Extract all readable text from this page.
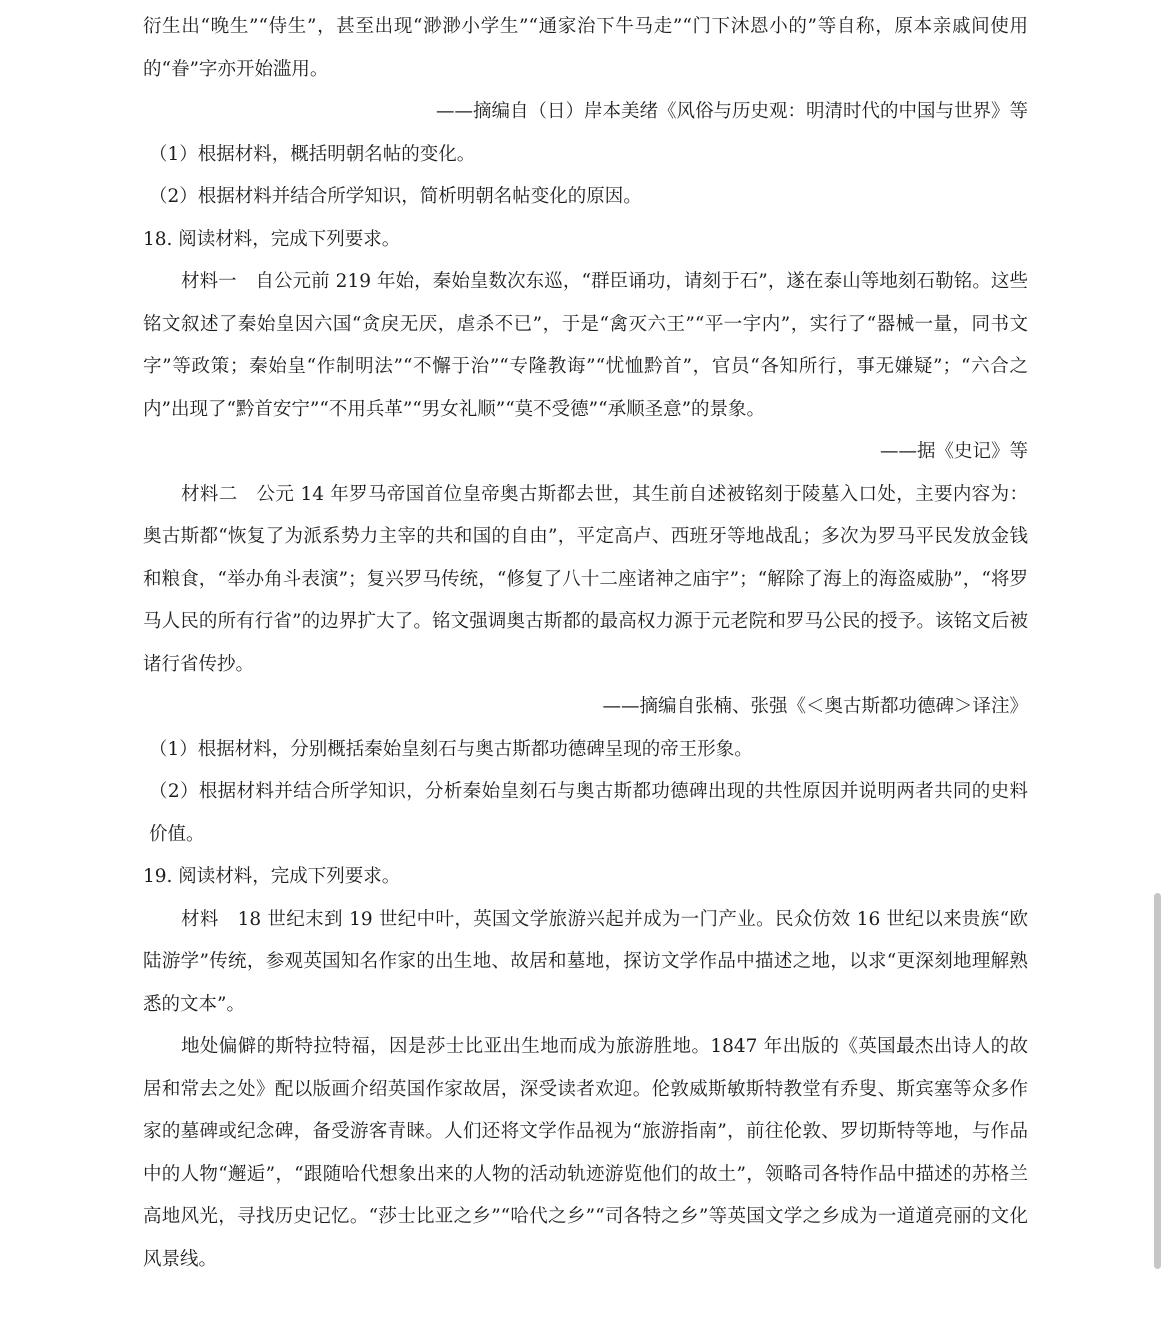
衍生出“晚生”“侍生”，甚至出现“渺渺小学生”“通家治下牛马走”“门下沐恩小的”等自称，原本亲戚间使用的“眷”字亦开始滥用。

——摘编自（日）岸本美绪《风俗与历史观：明清时代的中国与世界》等

（1）根据材料，概括明朝名帖的变化。

（2）根据材料并结合所学知识，简析明朝名帖变化的原因。

18. 阅读材料，完成下列要求。

材料一　自公元前 219 年始，秦始皇数次东巡，“群臣诵功，请刻于石”，遂在泰山等地刻石勒铭。这些铭文叙述了秦始皇因六国“贪戾无厌，虐杀不已”，于是“禽灭六王”“平一宇内”，实行了“器械一量，同书文字”等政策；秦始皇“作制明法”“不懈于治”“专隆教诲”“忧恤黔首”，官员“各知所行，事无嫌疑”；“六合之内”出现了“黔首安宁”“不用兵革”“男女礼顺”“莫不受德”“承顺圣意”的景象。

——据《史记》等

材料二　公元 14 年罗马帝国首位皇帝奥古斯都去世，其生前自述被铭刻于陵墓入口处，主要内容为：奥古斯都“恢复了为派系势力主宰的共和国的自由”，平定高卢、西班牙等地战乱；多次为罗马平民发放金钱和粮食，“举办角斗表演”；复兴罗马传统，“修复了八十二座诸神之庙宇”；“解除了海上的海盗威胁”，“将罗马人民的所有行省”的边界扩大了。铭文强调奥古斯都的最高权力源于元老院和罗马公民的授予。该铭文后被诸行省传抄。

——摘编自张楠、张强《＜奥古斯都功德碑＞译注》

（1）根据材料，分别概括秦始皇刻石与奥古斯都功德碑呈现的帝王形象。

（2）根据材料并结合所学知识，分析秦始皇刻石与奥古斯都功德碑出现的共性原因并说明两者共同的史料价值。

19. 阅读材料，完成下列要求。

材料　18 世纪末到 19 世纪中叶，英国文学旅游兴起并成为一门产业。民众仿效 16 世纪以来贵族“欧陆游学”传统，参观英国知名作家的出生地、故居和墓地，探访文学作品中描述之地，以求“更深刻地理解熟悉的文本”。

地处偏僻的斯特拉特福，因是莎士比亚出生地而成为旅游胜地。1847 年出版的《英国最杰出诗人的故居和常去之处》配以版画介绍英国作家故居，深受读者欢迎。伦敦威斯敏斯特教堂有乔叟、斯宾塞等众多作家的墓碑或纪念碑，备受游客青睐。人们还将文学作品视为“旅游指南”，前往伦敦、罗切斯特等地，与作品中的人物“邂逅”，“跟随哈代想象出来的人物的活动轨迹游览他们的故土”，领略司各特作品中描述的苏格兰高地风光，寻找历史记忆。“莎士比亚之乡”“哈代之乡”“司各特之乡”等英国文学之乡成为一道道亮丽的文化风景线。
